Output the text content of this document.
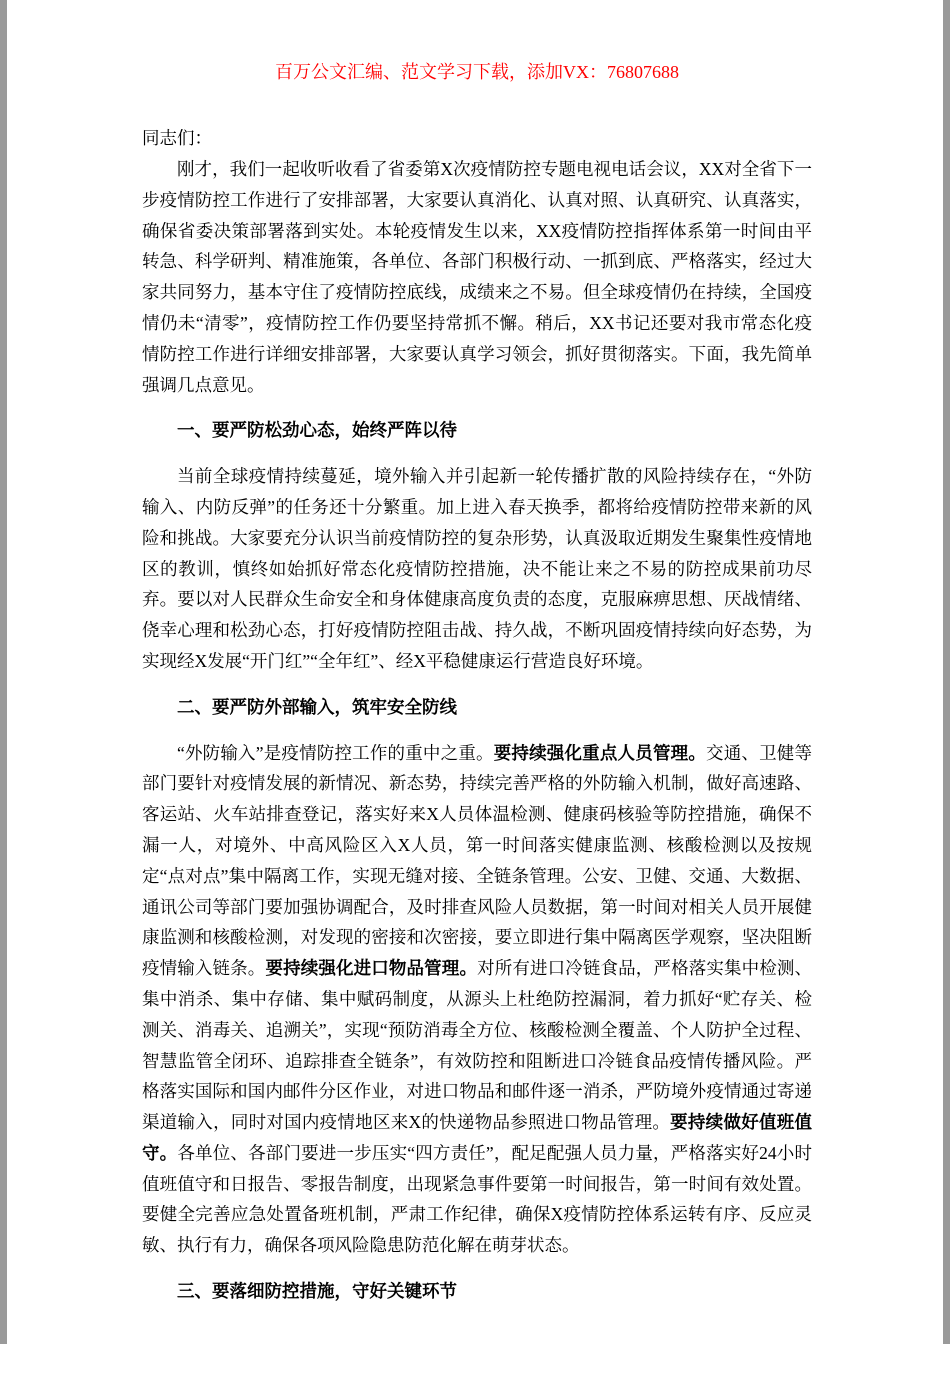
百万公文汇编、范文学习下载，添加VX：76807688

同志们：

刚才，我们一起收听收看了省委第X次疫情防控专题电视电话会议，XX对全省下一步疫情防控工作进行了安排部署，大家要认真消化、认真对照、认真研究、认真落实，确保省委决策部署落到实处。本轮疫情发生以来，XX疫情防控指挥体系第一时间由平转急、科学研判、精准施策，各单位、各部门积极行动、一抓到底、严格落实，经过大家共同努力，基本守住了疫情防控底线，成绩来之不易。但全球疫情仍在持续，全国疫情仍未“清零”，疫情防控工作仍要坚持常抓不懈。稍后，XX书记还要对我市常态化疫情防控工作进行详细安排部署，大家要认真学习领会，抓好贯彻落实。下面，我先简单强调几点意见。

一、要严防松劲心态，始终严阵以待

当前全球疫情持续蔓延，境外输入并引起新一轮传播扩散的风险持续存在，“外防输入、内防反弹”的任务还十分繁重。加上进入春天换季，都将给疫情防控带来新的风险和挑战。大家要充分认识当前疫情防控的复杂形势，认真汲取近期发生聚集性疫情地区的教训，慎终如始抓好常态化疫情防控措施，决不能让来之不易的防控成果前功尽弃。要以对人民群众生命安全和身体健康高度负责的态度，克服麻痹思想、厌战情绪、侥幸心理和松劲心态，打好疫情防控阻击战、持久战，不断巩固疫情持续向好态势，为实现经X发展“开门红”“全年红”、经X平稳健康运行营造良好环境。

二、要严防外部输入，筑牢安全防线

“外防输入”是疫情防控工作的重中之重。要持续强化重点人员管理。交通、卫健等部门要针对疫情发展的新情况、新态势，持续完善严格的外防输入机制，做好高速路、客运站、火车站排查登记，落实好来X人员体温检测、健康码核验等防控措施，确保不漏一人，对境外、中高风险区入X人员，第一时间落实健康监测、核酸检测以及按规定“点对点”集中隔离工作，实现无缝对接、全链条管理。公安、卫健、交通、大数据、通讯公司等部门要加强协调配合，及时排查风险人员数据，第一时间对相关人员开展健康监测和核酸检测，对发现的密接和次密接，要立即进行集中隔离医学观察，坚决阻断疫情输入链条。要持续强化进口物品管理。对所有进口冷链食品，严格落实集中检测、集中消杀、集中存储、集中赋码制度，从源头上杜绝防控漏洞，着力抓好“贮存关、检测关、消毒关、追溯关”，实现“预防消毒全方位、核酸检测全覆盖、个人防护全过程、智慧监管全闭环、追踪排查全链条”，有效防控和阻断进口冷链食品疫情传播风险。严格落实国际和国内邮件分区作业，对进口物品和邮件逐一消杀，严防境外疫情通过寄递渠道输入，同时对国内疫情地区来X的快递物品参照进口物品管理。要持续做好值班值守。各单位、各部门要进一步压实“四方责任”，配足配强人员力量，严格落实好24小时值班值守和日报告、零报告制度，出现紧急事件要第一时间报告，第一时间有效处置。要健全完善应急处置备班机制，严肃工作纪律，确保X疫情防控体系运转有序、反应灵敏、执行有力，确保各项风险隐患防范化解在萌芽状态。

三、要落细防控措施，守好关键环节
